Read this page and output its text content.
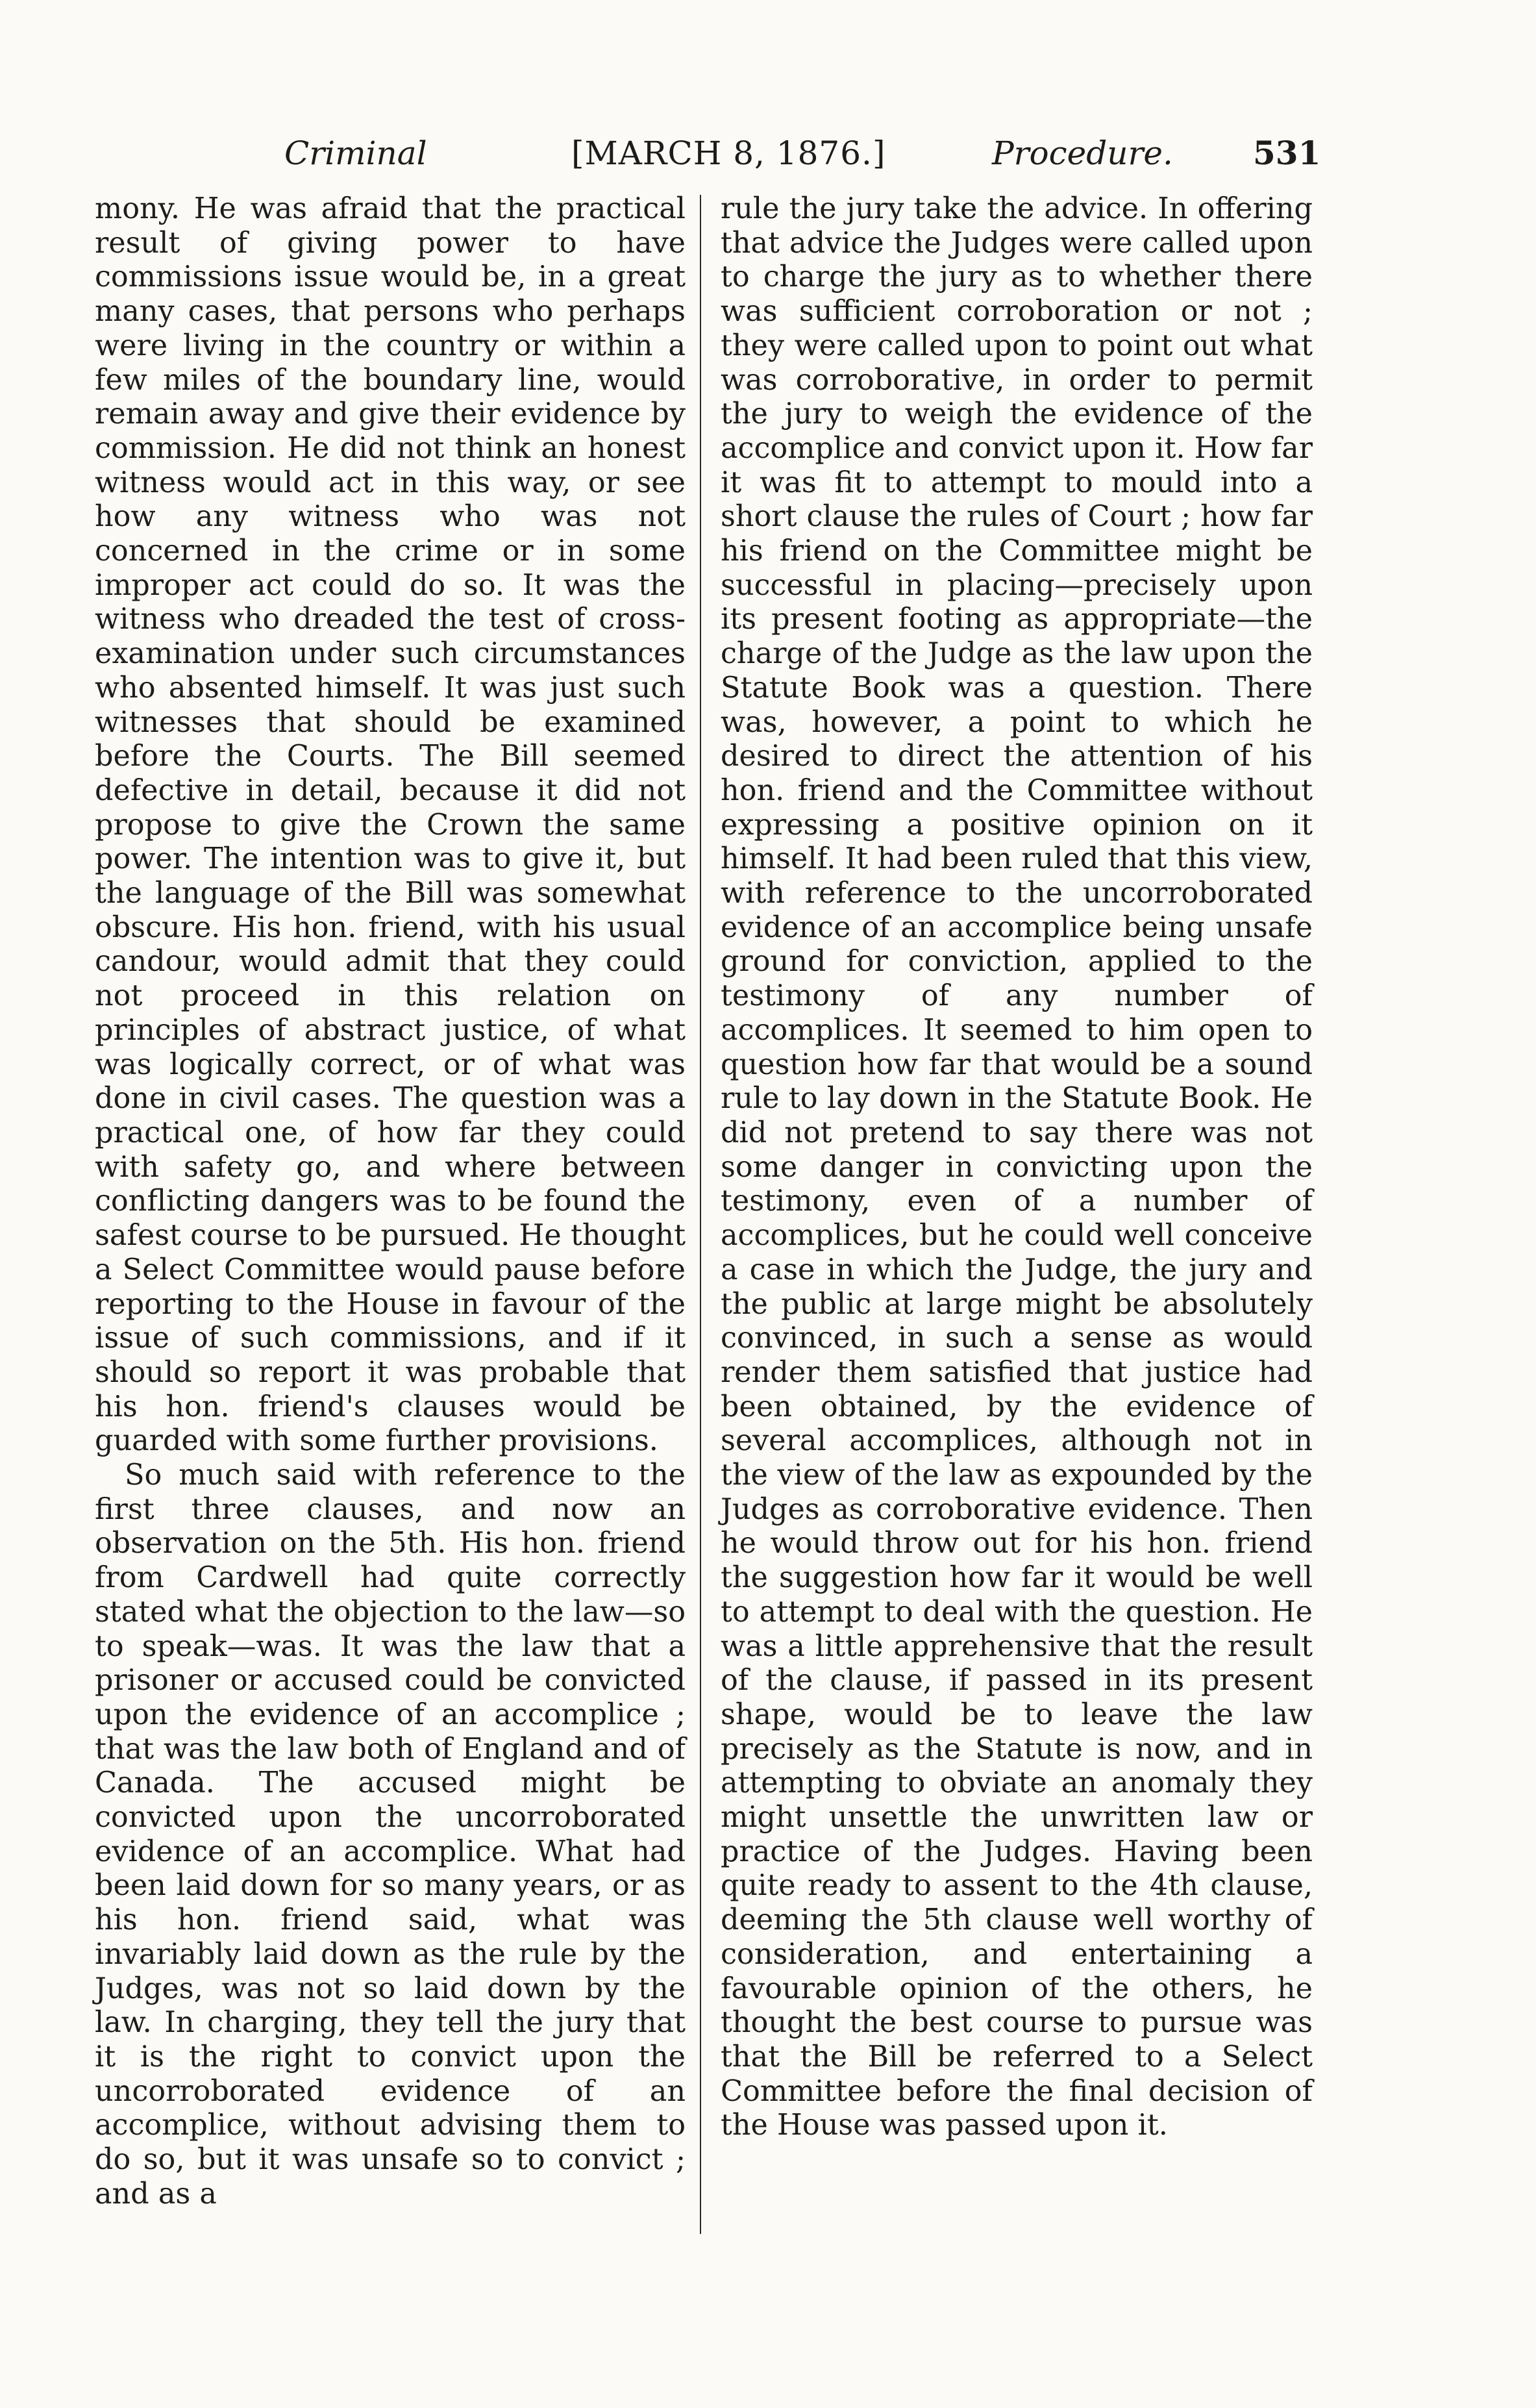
Criminal	[MARCH 8, 1876.]	Procedure. 531

mony. He was afraid that the practical result of giving power to have commissions issue would be, in a great many cases, that persons who perhaps were living in the country or within a few miles of the boundary line, would remain away and give their evidence by commission. He did not think an honest witness would act in this way, or see how any witness who was not concerned in the crime or in some improper act could do so. It was the witness who dreaded the test of cross-examination under such circumstances who absented himself. It was just such witnesses that should be examined before the Courts. The Bill seemed defective in detail, because it did not propose to give the Crown the same power. The intention was to give it, but the language of the Bill was somewhat obscure. His hon. friend, with his usual candour, would admit that they could not proceed in this relation on principles of abstract justice, of what was logically correct, or of what was done in civil cases. The question was a practical one, of how far they could with safety go, and where between conflicting dangers was to be found the safest course to be pursued. He thought a Select Committee would pause before reporting to the House in favour of the issue of such commissions, and if it should so report it was probable that his hon. friend's clauses would be guarded with some further provisions.

So much said with reference to the first three clauses, and now an observation on the 5th. His hon. friend from Cardwell had quite correctly stated what the objection to the law—so to speak—was. It was the law that a prisoner or accused could be convicted upon the evidence of an accomplice ; that was the law both of England and of Canada. The accused might be convicted upon the uncorroborated evidence of an accomplice. What had been laid down for so many years, or as his hon. friend said, what was invariably laid down as the rule by the Judges, was not so laid down by the law. In charging, they tell the jury that it is the right to convict upon the uncorroborated evidence of an accomplice, without advising them to do so, but it was unsafe so to convict ; and as a

rule the jury take the advice. In offering that advice the Judges were called upon to charge the jury as to whether there was sufficient corroboration or not ; they were called upon to point out what was corroborative, in order to permit the jury to weigh the evidence of the accomplice and convict upon it. How far it was fit to attempt to mould into a short clause the rules of Court ; how far his friend on the Committee might be successful in placing—precisely upon its present footing as appropriate—the charge of the Judge as the law upon the Statute Book was a question. There was, however, a point to which he desired to direct the attention of his hon. friend and the Committee without expressing a positive opinion on it himself. It had been ruled that this view, with reference to the uncorroborated evidence of an accomplice being unsafe ground for conviction, applied to the testimony of any number of accomplices. It seemed to him open to question how far that would be a sound rule to lay down in the Statute Book. He did not pretend to say there was not some danger in convicting upon the testimony, even of a number of accomplices, but he could well conceive a case in which the Judge, the jury and the public at large might be absolutely convinced, in such a sense as would render them satisfied that justice had been obtained, by the evidence of several accomplices, although not in the view of the law as expounded by the Judges as corroborative evidence. Then he would throw out for his hon. friend the suggestion how far it would be well to attempt to deal with the question. He was a little apprehensive that the result of the clause, if passed in its present shape, would be to leave the law precisely as the Statute is now, and in attempting to obviate an anomaly they might unsettle the unwritten law or practice of the Judges. Having been quite ready to assent to the 4th clause, deeming the 5th clause well worthy of consideration, and entertaining a favourable opinion of the others, he thought the best course to pursue was that the Bill be referred to a Select Committee before the final decision of the House was passed upon it.
